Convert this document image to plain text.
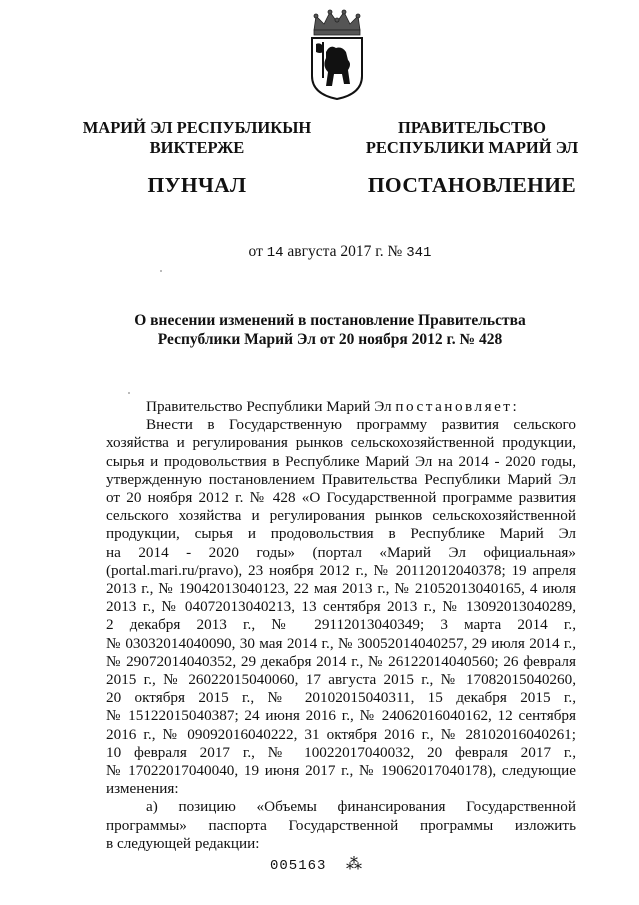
МАРИЙ ЭЛ РЕСПУБЛИКЫН
ВИКТЕРЖЕ
ПУНЧАЛ
ПРАВИТЕЛЬСТВО
РЕСПУБЛИКИ МАРИЙ ЭЛ
ПОСТАНОВЛЕНИЕ
от 14 августа 2017 г. № 341
О внесении изменений в постановление Правительства
Республики Марий Эл от 20 ноября 2012 г. № 428

Правительство Республики Марий Эл постановляет:

Внести в Государственную программу развития сельского

хозяйства и регулирования рынков сельскохозяйственной продукции,

сырья и продовольствия в Республике Марий Эл на 2014 - 2020 годы,

утвержденную постановлением Правительства Республики Марий Эл

от 20 ноября 2012 г. № 428 «О Государственной программе развития

сельского хозяйства и регулирования рынков сельскохозяйственной

продукции, сырья и продовольствия в Республике Марий Эл

на 2014 - 2020 годы» (портал «Марий Эл официальная»

(portal.mari.ru/pravo), 23 ноября 2012 г., № 20112012040378; 19 апреля

2013 г., № 19042013040123, 22 мая 2013 г., № 21052013040165, 4 июля

2013 г., № 04072013040213, 13 сентября 2013 г., № 13092013040289,

2 декабря 2013 г., № 29112013040349; 3 марта 2014 г.,

№ 03032014040090, 30 мая 2014 г., № 30052014040257, 29 июля 2014 г.,

№ 29072014040352, 29 декабря 2014 г., № 26122014040560; 26 февраля

2015 г., № 26022015040060, 17 августа 2015 г., № 17082015040260,

20 октября 2015 г., № 20102015040311, 15 декабря 2015 г.,

№ 15122015040387; 24 июня 2016 г., № 24062016040162, 12 сентября

2016 г., № 09092016040222, 31 октября 2016 г., № 28102016040261;

10 февраля 2017 г., № 10022017040032, 20 февраля 2017 г.,

№ 17022017040040, 19 июня 2017 г., № 19062017040178), следующие

изменения:

а) позицию «Объемы финансирования Государственной

программы» паспорта Государственной программы изложить

в следующей редакции:

005163 ⁂
